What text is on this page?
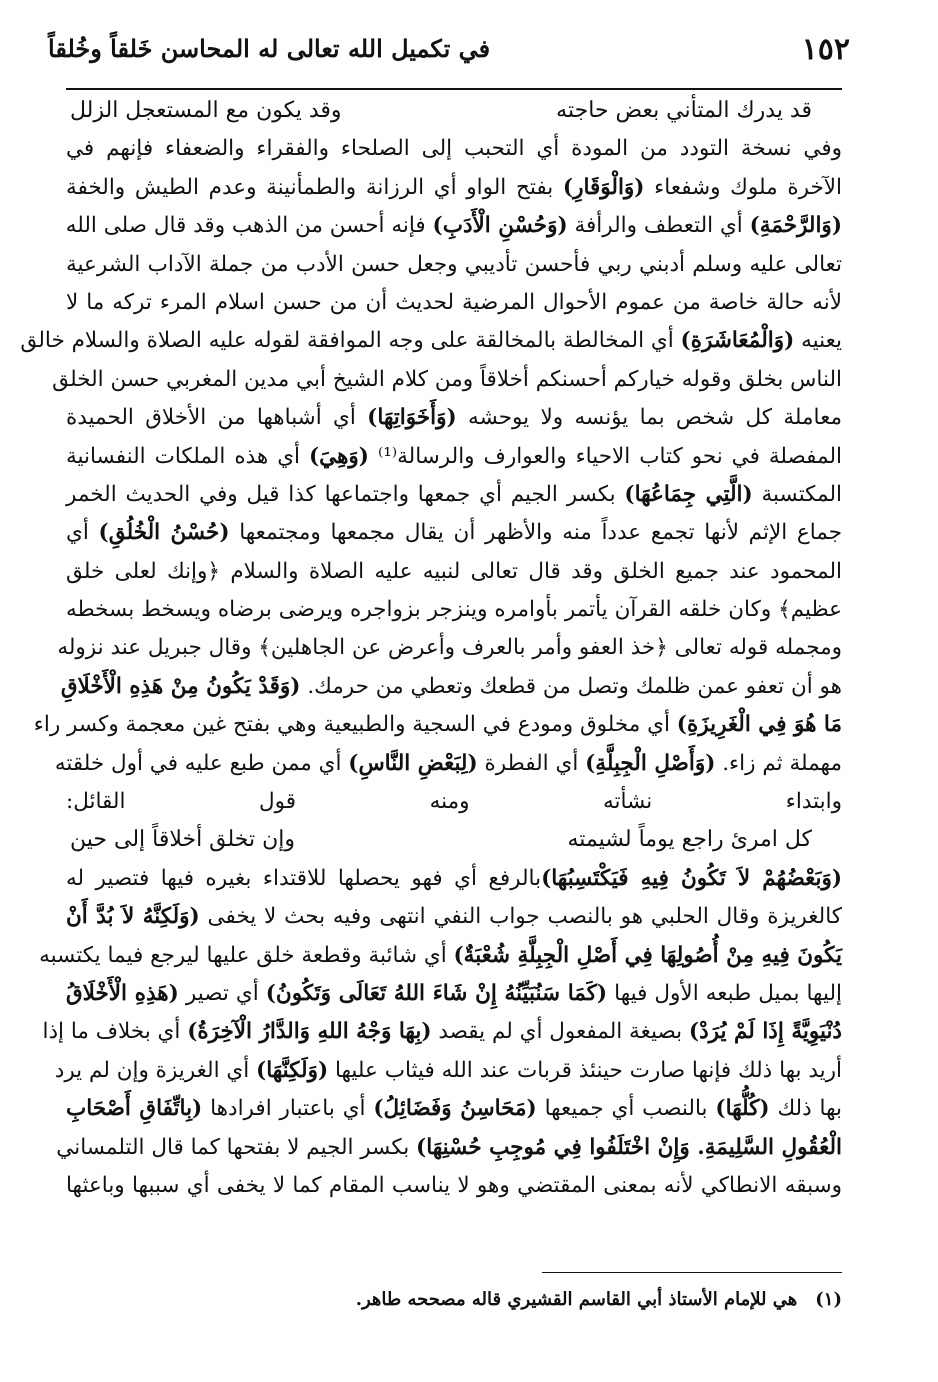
١٥٢
في تكميل الله تعالى له المحاسن خَلقاً وخُلقاً
قد يدرك المتأني بعض حاجته
وقد يكون مع المستعجل الزلل
وفي نسخة التودد من المودة أي التحبب إلى الصلحاء والفقراء والضعفاء فإنهم في
الآخرة ملوك وشفعاء (وَالْوَقَارِ) بفتح الواو أي الرزانة والطمأنينة وعدم الطيش والخفة
(وَالرَّحْمَةِ) أي التعطف والرأفة (وَحُسْنِ الْأَدَبِ) فإنه أحسن من الذهب وقد قال صلى الله
تعالى عليه وسلم أدبني ربي فأحسن تأديبي وجعل حسن الأدب من جملة الآداب الشرعية
لأنه حالة خاصة من عموم الأحوال المرضية لحديث أن من حسن اسلام المرء تركه ما لا
يعنيه (وَالْمُعَاشَرَةِ) أي المخالطة بالمخالقة على وجه الموافقة لقوله عليه الصلاة والسلام خالق
الناس بخلق وقوله خياركم أحسنكم أخلاقاً ومن كلام الشيخ أبي مدين المغربي حسن الخلق
معاملة كل شخص بما يؤنسه ولا يوحشه (وَأَخَوَاتِهَا) أي أشباهها من الأخلاق الحميدة
المفصلة في نحو كتاب الاحياء والعوارف والرسالة⁽¹⁾ (وَهِيَ) أي هذه الملكات النفسانية
المكتسبة (الَّتِي جِمَاعُهَا) بكسر الجيم أي جمعها واجتماعها كذا قيل وفي الحديث الخمر
جماع الإثم لأنها تجمع عدداً منه والأظهر أن يقال مجمعها ومجتمعها (حُسْنُ الْخُلُقِ) أي
المحمود عند جميع الخلق وقد قال تعالى لنبيه عليه الصلاة والسلام ﴿وإنك لعلى خلق
عظيم﴾ وكان خلقه القرآن يأتمر بأوامره وينزجر بزواجره ويرضى برضاه ويسخط بسخطه
ومجمله قوله تعالى ﴿خذ العفو وأمر بالعرف وأعرض عن الجاهلين﴾ وقال جبريل عند نزوله
هو أن تعفو عمن ظلمك وتصل من قطعك وتعطي من حرمك. (وَقَدْ يَكُونُ مِنْ هَذِهِ الْأَخْلَاقِ
مَا هُوَ فِي الْغَرِيزَةِ) أي مخلوق ومودع في السجية والطبيعية وهي بفتح غين معجمة وكسر راء
مهملة ثم زاء. (وَأَصْلِ الْجِبِلَّةِ) أي الفطرة (لِبَعْضِ النَّاسِ) أي ممن طبع عليه في أول خلقته
وابتداء نشأته ومنه قول القائل:
كل امرئ راجع يوماً لشيمته
وإن تخلق أخلاقاً إلى حين
(وَبَعْضُهُمْ لاَ تَكُونُ فِيهِ فَيَكْتَسِبُهَا)بالرفع أي فهو يحصلها للاقتداء بغيره فيها فتصير له
كالغريزة وقال الحلبي هو بالنصب جواب النفي انتهى وفيه بحث لا يخفى (وَلَكِنَّهُ لاَ بُدَّ أَنْ
يَكُونَ فِيهِ مِنْ أُصُولِهَا فِي أَصْلِ الْجِبِلَّةِ شُعْبَةٌ) أي شائبة وقطعة خلق عليها ليرجع فيما يكتسبه
إليها بميل طبعه الأول فيها (كَمَا سَنُبَيِّنُهُ إِنْ شَاءَ اللهُ تَعَالَى وَتَكُونُ) أي تصير (هَذِهِ الْأَخْلَاقُ
دُنْيَوِيَّةً إِذَا لَمْ يُرَدْ) بصيغة المفعول أي لم يقصد (بِهَا وَجْهُ اللهِ وَالدَّارُ الْآخِرَةُ) أي بخلاف ما إذا
أريد بها ذلك فإنها صارت حينئذ قربات عند الله فيثاب عليها (وَلَكِنَّهَا) أي الغريزة وإن لم يرد
بها ذلك (كُلُّهَا) بالنصب أي جميعها (مَحَاسِنُ وَفَضَائِلُ) أي باعتبار افرادها (بِاتِّفَاقِ أَصْحَابِ
الْعُقُولِ السَّلِيمَةِ. وَإِنْ اخْتَلَفُوا فِي مُوجِبِ حُسْنِهَا) بكسر الجيم لا بفتحها كما قال التلمساني
وسبقه الانطاكي لأنه بمعنى المقتضي وهو لا يناسب المقام كما لا يخفى أي سببها وباعثها
(١)هي للإمام الأستاذ أبي القاسم القشيري قاله مصححه طاهر.
